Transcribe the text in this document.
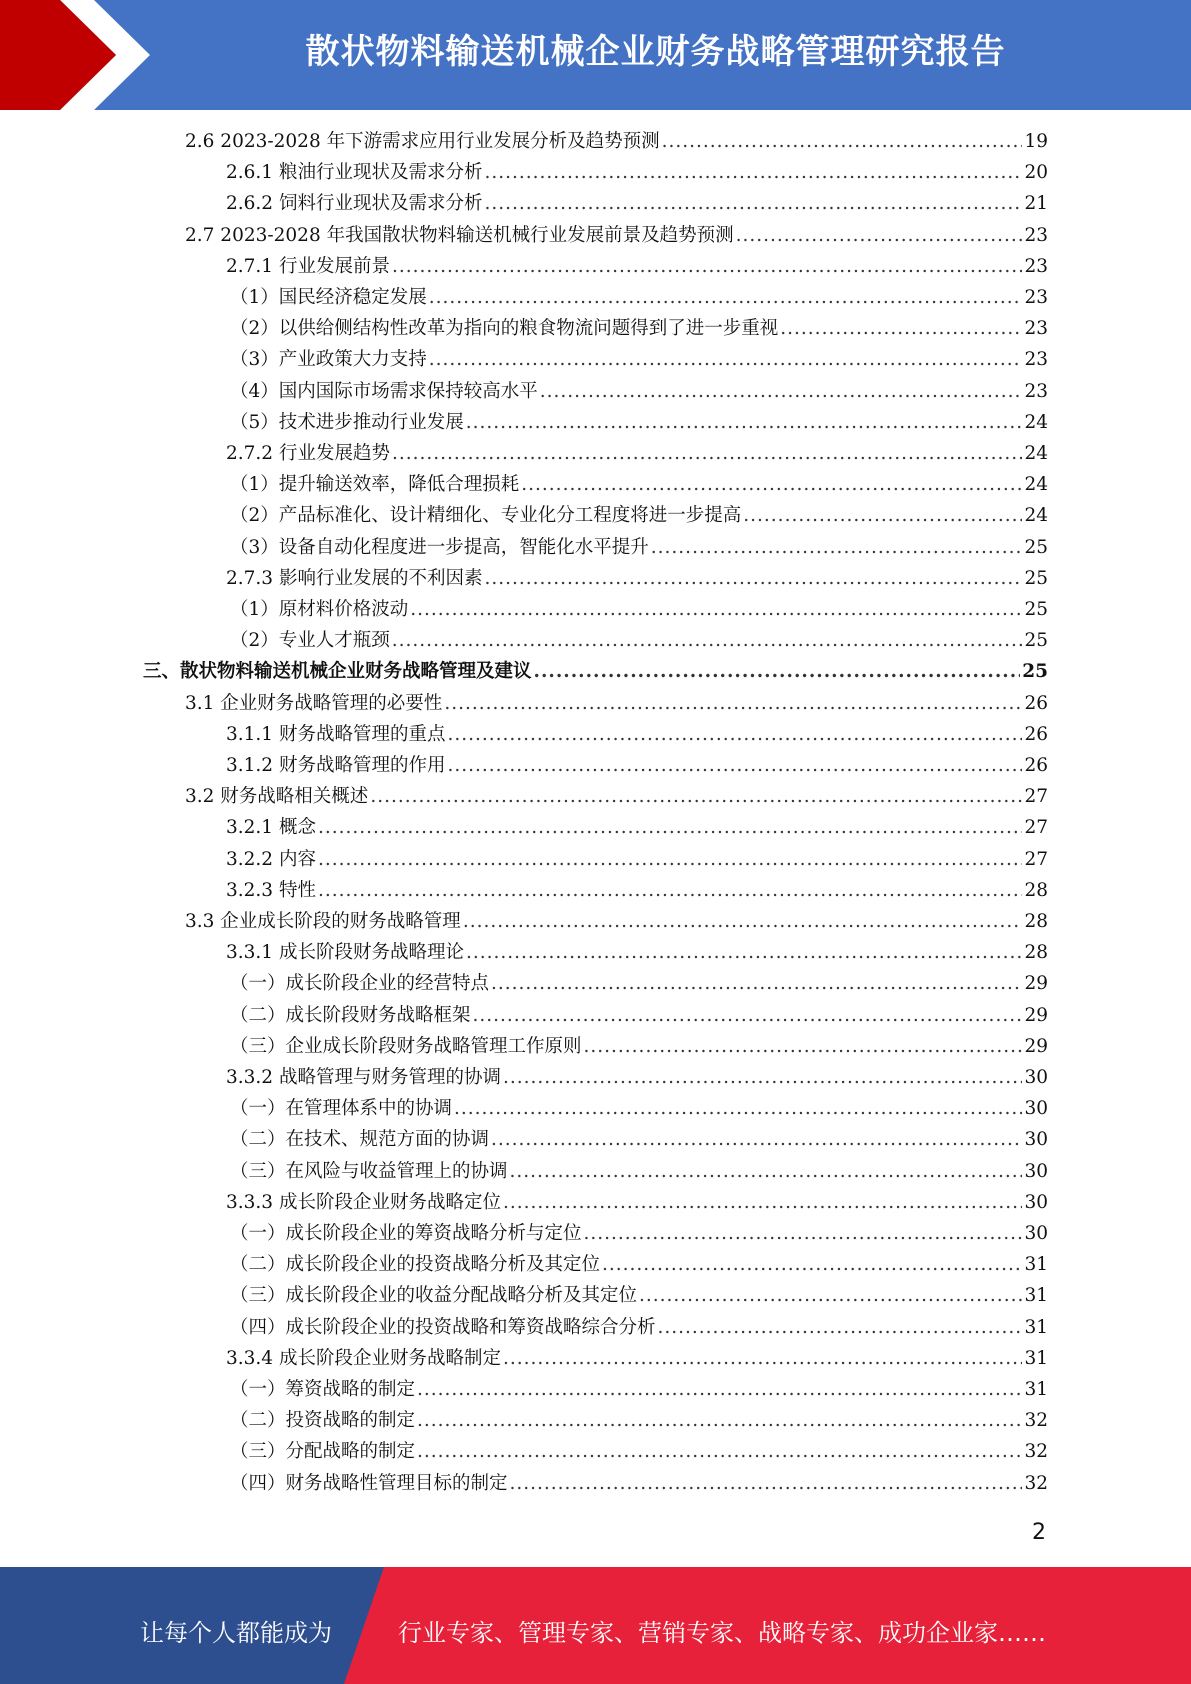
散状物料输送机械企业财务战略管理研究报告
2.6 2023-2028 年下游需求应用行业发展分析及趋势预测 .....	19
2.6.1 粮油行业现状及需求分析 .....	20
2.6.2 饲料行业现状及需求分析 .....	21
2.7 2023-2028 年我国散状物料输送机械行业发展前景及趋势预测 .....	23
2.7.1 行业发展前景 .....	23
（1）国民经济稳定发展 .....	23
（2）以供给侧结构性改革为指向的粮食物流问题得到了进一步重视 .....	23
（3）产业政策大力支持 .....	23
（4）国内国际市场需求保持较高水平 .....	23
（5）技术进步推动行业发展 .....	24
2.7.2 行业发展趋势 .....	24
（1）提升输送效率，降低合理损耗 .....	24
（2）产品标准化、设计精细化、专业化分工程度将进一步提高 .....	24
（3）设备自动化程度进一步提高，智能化水平提升 .....	25
2.7.3 影响行业发展的不利因素 .....	25
（1）原材料价格波动 .....	25
（2）专业人才瓶颈 .....	25
三、散状物料输送机械企业财务战略管理及建议 .....	25
3.1 企业财务战略管理的必要性 .....	26
3.1.1 财务战略管理的重点 .....	26
3.1.2 财务战略管理的作用 .....	26
3.2 财务战略相关概述 .....	27
3.2.1 概念 .....	27
3.2.2 内容 .....	27
3.2.3 特性 .....	28
3.3 企业成长阶段的财务战略管理 .....	28
3.3.1 成长阶段财务战略理论 .....	28
（一）成长阶段企业的经营特点 .....	29
（二）成长阶段财务战略框架 .....	29
（三）企业成长阶段财务战略管理工作原则 .....	29
3.3.2 战略管理与财务管理的协调 .....	30
（一）在管理体系中的协调 .....	30
（二）在技术、规范方面的协调 .....	30
（三）在风险与收益管理上的协调 .....	30
3.3.3 成长阶段企业财务战略定位 .....	30
（一）成长阶段企业的筹资战略分析与定位 .....	30
（二）成长阶段企业的投资战略分析及其定位 .....	31
（三）成长阶段企业的收益分配战略分析及其定位 .....	31
（四）成长阶段企业的投资战略和筹资战略综合分析 .....	31
3.3.4 成长阶段企业财务战略制定 .....	31
（一）筹资战略的制定 .....	31
（二）投资战略的制定 .....	32
（三）分配战略的制定 .....	32
（四）财务战略性管理目标的制定 .....	32
2
让每个人都能成为	行业专家、管理专家、营销专家、战略专家、成功企业家……
